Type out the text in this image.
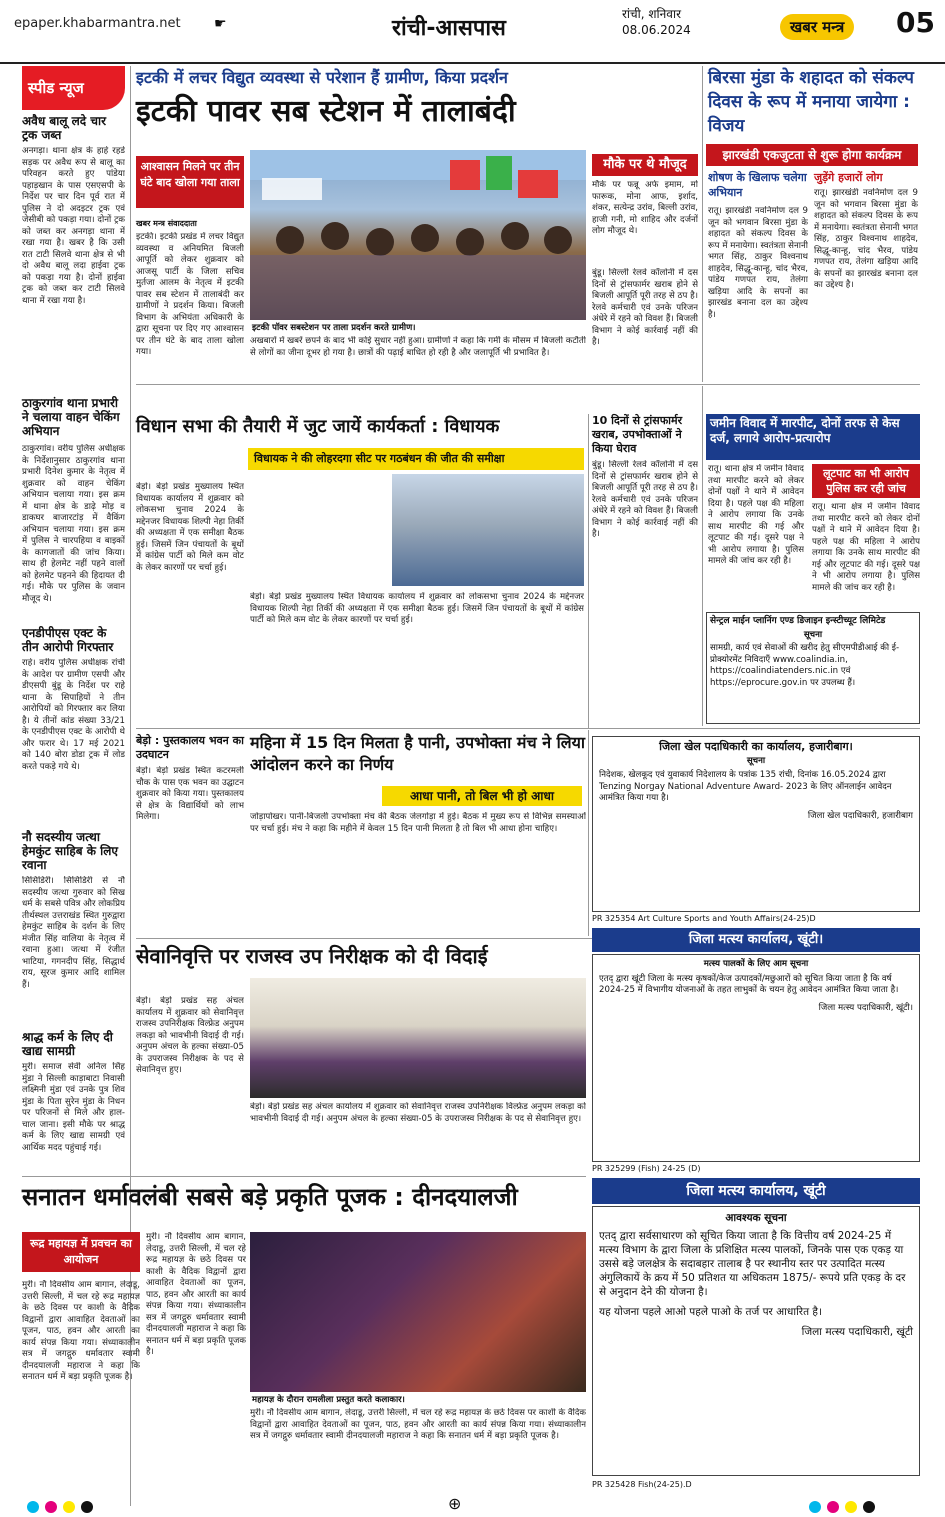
epaper.khabarmantra.net ☛	रांची-आसपास
रांची, शनिवार
08.06.2024	खबर मन्त्र	05
स्पीड न्यूज
अवैध बालू लदे चार ट्रक जब्त
अनगड़ा। थाना क्षेत्र के हाहे रहडे सड़क पर अवैध रूप से बालू का परिवहन करते हुए पांडेया पहाड़खान के पास एसएसपी के निर्देश पर चार दिन पूर्व रात में पुलिस ने दो अदइटर ट्रक एवं जेसीबी को पकड़ा गया। दोनों ट्रक को जब्त कर अनगड़ा थाना में रखा गया है। खबर है कि उसी रात टाटी सिलवे थाना क्षेत्र से भी दो अवैध बालू लदा हाईवा ट्रक को पकड़ा गया है। दोनों हाईवा ट्रक को जब्त कर टाटी सिलवे थाना में रखा गया है।
ठाकुरगांव थाना प्रभारी ने चलाया वाहन चेकिंग अभियान
ठाकुरगांव। वरीय पुलिस अधीक्षक के निर्देशानुसार ठाकुरगांव थाना प्रभारी दिनेश कुमार के नेतृत्व में शुक्रवार को वाहन चेकिंग अभियान चलाया गया। इस क्रम में थाना क्षेत्र के डाढ़े मोड़ व डाकघर बाजारटांड़ में वैकिंग अभियान चलाया गया। इस क्रम में पुलिस ने चारपहिया व बाइकों के कागजातों की जांच किया। साथ ही हेलमेट नहीं पहने वालों को हेलमेट पहनने की हिदायत दी गई। मौके पर पुलिस के जवान मौजूद थे।
एनडीपीएस एक्ट के तीन आरोपी गिरफ्तार
राहे। वरीय पुलिस अधीक्षक रांची के आदेश पर ग्रामीण एसपी और डीएसपी बुंडू के निर्देश पर राहे थाना के सिपाहियों ने तीन आरोपियों को गिरफ्तार कर लिया है। ये तीनों कांड संख्या 33/21 के एनडीपीएस एक्ट के आरोपी थे और फरार थे। 17 मई 2021 को 140 बोरा डोडा ट्रक में लोड करते पकड़े गये थे।
नौ सदस्यीय जत्था हेमकुंट साहिब के लिए रवाना
सिसिडिरी। सिसिडिरी से नौ सदस्यीय जत्था गुरुवार को सिख धर्म के सबसे पवित्र और लोकप्रिय तीर्थस्थल उत्तराखंड स्थित गुरुद्वारा हेमकुंट साहिब के दर्शन के लिए मंजीत सिंह वालिया के नेतृत्व में रवाना हुआ। जत्था में रंजीत भाटिया, गगनदीप सिंह, सिद्धार्थ राय, सूरज कुमार आदि शामिल हैं।
श्राद्ध कर्म के लिए दी खाद्य सामग्री
मुरी। समाज सेवी अनिल सिंह मुंडा ने सिल्ली काड़ाबाटा निवासी लक्ष्मिनी मुंडा एवं उनके पुत्र शिव मुंडा के पिता सुरेन मुंडा के निधन पर परिजनों से मिले और हाल-चाल जाना। इसी मौके पर श्राद्ध कर्म के लिए खाद्य सामग्री एवं आर्थिक मदद पहुंचाई गई।
इटकी में लचर विद्युत व्यवस्था से परेशान हैं ग्रामीण, किया प्रदर्शन
इटकी पावर सब स्टेशन में तालाबंदी
आश्वासन मिलने पर तीन घंटे बाद खोला गया ताला
खबर मन्त्र संवाददाता
इटकी। इटकी प्रखंड में लचर विद्युत व्यवस्था व अनियमित बिजली आपूर्ति को लेकर शुक्रवार को आजसू पार्टी के जिला सचिव मुर्तजा आलम के नेतृत्व में इटकी पावर सब स्टेशन में तालाबंदी कर ग्रामीणों ने प्रदर्शन किया। बिजली विभाग के अभियंता अधिकारी के द्वारा सूचना पर दिए गए आश्वासन पर तीन घंटे के बाद ताला खोला गया।
इटकी पॉवर सबस्टेशन पर ताला प्रदर्शन करते ग्रामीण।
अखबारों में खबरें छपने के बाद भी कोई सुधार नहीं हुआ। ग्रामीणों ने कहा कि गर्मी के मौसम में बिजली कटौती से लोगों का जीना दूभर हो गया है। छात्रों की पढ़ाई बाधित हो रही है और जलापूर्ति भी प्रभावित है।
मौके पर थे मौजूद
मौके पर फन्नू अर्फ इमाम, मो फारूक, मोना आफ, इर्शाद, शंकर, सत्येन्द्र उरांव, बिल्ली उरांव, हाजी गनी, मो शाहिद और दर्जनों लोग मौजूद थे।
बुंडू। सिल्ली रेलवे कॉलोनी में दस दिनों से ट्रांसफार्मर खराब होने से बिजली आपूर्ति पूरी तरह से ठप है। रेलवे कर्मचारी एवं उनके परिजन अंधेरे में रहने को विवश हैं। बिजली विभाग ने कोई कार्रवाई नहीं की है।
बिरसा मुंडा के शहादत को संकल्प दिवस के रूप में मनाया जायेगा : विजय
झारखंडी एकजुटता से शुरू होगा कार्यक्रम
शोषण के खिलाफ चलेगा अभियान
रातू। झारखंडी नवनिर्माण दल 9 जून को भगवान बिरसा मुंडा के शहादत को संकल्प दिवस के रूप में मनायेगा। स्वतंत्रता सेनानी भगत सिंह, ठाकुर विश्वनाथ शाहदेव, सिद्धू-कान्हू, चांद भैरव, पांडेय गणपत राय, तेलंगा खड़िया आदि के सपनों का झारखंड बनाना दल का उद्देश्य है।
जुड़ेंगे हजारों लोग
रातू। झारखंडी नवनिर्माण दल 9 जून को भगवान बिरसा मुंडा के शहादत को संकल्प दिवस के रूप में मनायेगा। स्वतंत्रता सेनानी भगत सिंह, ठाकुर विश्वनाथ शाहदेव, सिद्धू-कान्हू, चांद भैरव, पांडेय गणपत राय, तेलंगा खड़िया आदि के सपनों का झारखंड बनाना दल का उद्देश्य है।
विधान सभा की तैयारी में जुट जायें कार्यकर्ता : विधायक
विधायक ने की लोहरदगा सीट पर गठबंधन की जीत की समीक्षा
बेड़ो। बेड़ो प्रखंड मुख्यालय स्थित विधायक कार्यालय में शुक्रवार को लोकसभा चुनाव 2024 के मद्देनजर विधायक शिल्पी नेहा तिर्की की अध्यक्षता में एक समीक्षा बैठक हुई। जिसमें जिन पंचायतों के बूथों में कांग्रेस पार्टी को मिले कम वोट के लेकर कारणों पर चर्चा हुई।
बेड़ो। बेड़ो प्रखंड मुख्यालय स्थित विधायक कार्यालय में शुक्रवार को लोकसभा चुनाव 2024 के मद्देनजर विधायक शिल्पी नेहा तिर्की की अध्यक्षता में एक समीक्षा बैठक हुई। जिसमें जिन पंचायतों के बूथों में कांग्रेस पार्टी को मिले कम वोट के लेकर कारणों पर चर्चा हुई।
10 दिनों से ट्रांसफार्मर खराब, उपभोक्ताओं ने किया घेराव
बुंडू। सिल्ली रेलवे कॉलोनी में दस दिनों से ट्रांसफार्मर खराब होने से बिजली आपूर्ति पूरी तरह से ठप है। रेलवे कर्मचारी एवं उनके परिजन अंधेरे में रहने को विवश हैं। बिजली विभाग ने कोई कार्रवाई नहीं की है।
जमीन विवाद में मारपीट, दोनों तरफ से केस दर्ज, लगाये आरोप-प्रत्यारोप
रातू। थाना क्षेत्र में जमीन विवाद तथा मारपीट करने को लेकर दोनों पक्षों ने थाने में आवेदन दिया है। पहले पक्ष की महिला ने आरोप लगाया कि उनके साथ मारपीट की गई और लूटपाट की गई। दूसरे पक्ष ने भी आरोप लगाया है। पुलिस मामले की जांच कर रही है।
लूटपाट का भी आरोप पुलिस कर रही जांच
रातू। थाना क्षेत्र में जमीन विवाद तथा मारपीट करने को लेकर दोनों पक्षों ने थाने में आवेदन दिया है। पहले पक्ष की महिला ने आरोप लगाया कि उनके साथ मारपीट की गई और लूटपाट की गई। दूसरे पक्ष ने भी आरोप लगाया है। पुलिस मामले की जांच कर रही है।
सेन्ट्रल माईन प्लानिंग एण्ड डिजाइन इन्स्टीच्यूट लिमिटेड
सूचना
सामग्री, कार्य एवं सेवाओं की खरीद हेतु सीएमपीडीआई की ई-प्रोक्योरमेंट निविदाएँ www.coalindia.in, https://coalindiatenders.nic.in एवं https://eprocure.gov.in पर उपलब्ध हैं।
महिना में 15 दिन मिलता है पानी, उपभोक्ता मंच ने लिया आंदोलन करने का निर्णय
आधा पानी, तो बिल भी हो आधा
जोड़ापोखर। पानी-बिजली उपभोक्ता मंच की बैठक जेलगोड़ा में हुई। बैठक में मुख्य रूप से विभिन्न समस्याओं पर चर्चा हुई। मंच ने कहा कि महीने में केवल 15 दिन पानी मिलता है तो बिल भी आधा होना चाहिए।
बेड़ो : पुस्तकालय भवन का उदघाटन
बेड़ो। बेड़ो प्रखंड स्थित कटरमली चौक के पास एक भवन का उद्घाटन शुक्रवार को किया गया। पुस्तकालय से क्षेत्र के विद्यार्थियों को लाभ मिलेगा।
जिला खेल पदाधिकारी का कार्यालय, हजारीबाग।
सूचना
निदेशक, खेलकूद एवं युवाकार्य निदेशालय के पत्रांक 135 रांची, दिनांक 16.05.2024 द्वारा Tenzing Norgay National Adventure Award- 2023 के लिए ऑनलाईन आवेदन आमंत्रित किया गया है।
जिला खेल पदाधिकारी, हजारीबाग
PR 325354 Art Culture Sports and Youth Affairs(24-25)D
सेवानिवृत्ति पर राजस्व उप निरीक्षक को दी विदाई
बेड़ो। बेड़ो प्रखंड सह अंचल कार्यालय में शुक्रवार को सेवानिवृत्त राजस्व उपनिरीक्षक विल्फ्रेड अनुपम लकड़ा को भावभीनी विदाई दी गई। अनुपम अंचल के हल्का संख्या-05 के उपराजस्व निरीक्षक के पद से सेवानिवृत्त हुए।
बेड़ो। बेड़ो प्रखंड सह अंचल कार्यालय में शुक्रवार को सेवानिवृत्त राजस्व उपनिरीक्षक विल्फ्रेड अनुपम लकड़ा को भावभीनी विदाई दी गई। अनुपम अंचल के हल्का संख्या-05 के उपराजस्व निरीक्षक के पद से सेवानिवृत्त हुए।
जिला मत्स्य कार्यालय, खूंटी।
मत्स्य पालकों के लिए आम सूचना
एतद् द्वारा खूंटी जिला के मत्स्य कृषकों/केज उत्पादकों/मछुआरों को सूचित किया जाता है कि वर्ष 2024-25 में विभागीय योजनाओं के तहत लाभुकों के चयन हेतु आवेदन आमंत्रित किया जाता है।
जिला मत्स्य पदाधिकारी, खूंटी।
PR 325299 (Fish) 24-25 (D)
सनातन धर्मावलंबी सबसे बड़े प्रकृति पूजक : दीनदयालजी
रूद्र महायज्ञ में प्रवचन का आयोजन
मुरी। नौ दिवसीय आम बागान, लेदाडू, उत्तरी सिल्ली, में चल रहे रूद्र महायज्ञ के छठे दिवस पर काशी के वैदिक विद्वानों द्वारा आवाहित देवताओं का पूजन, पाठ, हवन और आरती का कार्य संपन्न किया गया। संध्याकालीन सत्र में जगद्गुरु धर्मावतार स्वामी दीनदयालजी महाराज ने कहा कि सनातन धर्म में बड़ा प्रकृति पूजक है।
मुरी। नौ दिवसीय आम बागान, लेदाडू, उत्तरी सिल्ली, में चल रहे रूद्र महायज्ञ के छठे दिवस पर काशी के वैदिक विद्वानों द्वारा आवाहित देवताओं का पूजन, पाठ, हवन और आरती का कार्य संपन्न किया गया। संध्याकालीन सत्र में जगद्गुरु धर्मावतार स्वामी दीनदयालजी महाराज ने कहा कि सनातन धर्म में बड़ा प्रकृति पूजक है।
महायज्ञ के दौरान रामलीला प्रस्तुत करते कलाकार।
मुरी। नौ दिवसीय आम बागान, लेदाडू, उत्तरी सिल्ली, में चल रहे रूद्र महायज्ञ के छठे दिवस पर काशी के वैदिक विद्वानों द्वारा आवाहित देवताओं का पूजन, पाठ, हवन और आरती का कार्य संपन्न किया गया। संध्याकालीन सत्र में जगद्गुरु धर्मावतार स्वामी दीनदयालजी महाराज ने कहा कि सनातन धर्म में बड़ा प्रकृति पूजक है।
जिला मत्स्य कार्यालय, खूंटी
आवश्यक सूचना
एतद् द्वारा सर्वसाधारण को सूचित किया जाता है कि वित्तीय वर्ष 2024-25 में मत्स्य विभाग के द्वारा जिला के प्रशिक्षित मत्स्य पालकों, जिनके पास एक एकड़ या उससे बड़े जलक्षेत्र के सदाबहार तालाब है पर स्थानीय स्तर पर उत्पादित मत्स्य अंगुलिकायें के क्रय में 50 प्रतिशत या अधिकतम 1875/- रूपये प्रति एकड़ के दर से अनुदान देने की योजना है।
यह योजना पहले आओ पहले पाओ के तर्ज पर आधारित है।
जिला मत्स्य पदाधिकारी, खूंटी
PR 325428 Fish(24-25).D
⊕
